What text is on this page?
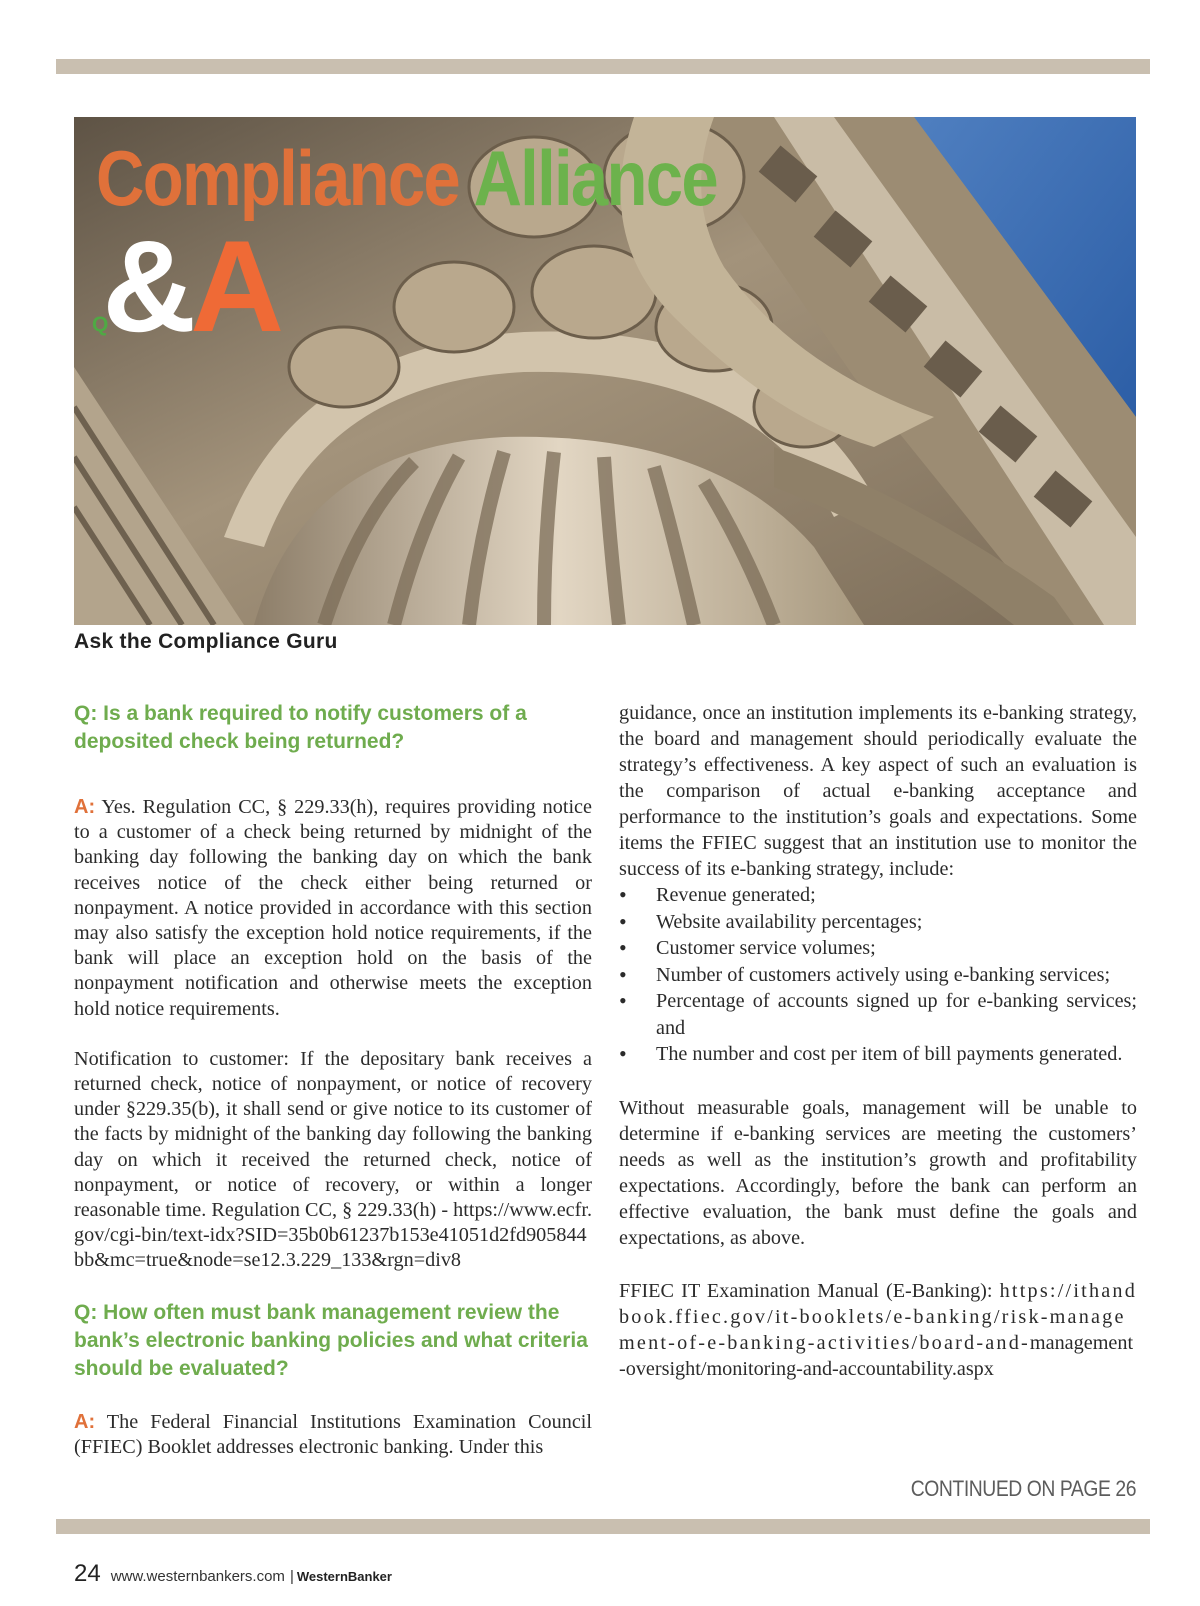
Compliance Alliance
Q&A
Ask the Compliance Guru

Q: Is a bank required to notify customers of a deposited check being returned?

A: Yes. Regulation CC, § 229.33(h), requires providing notice to a customer of a check being returned by midnight of the banking day following the banking day on which the bank receives notice of the check either being returned or nonpayment. A notice provided in accordance with this section may also satisfy the exception hold notice requirements, if the bank will place an exception hold on the basis of the nonpayment notification and otherwise meets the exception hold notice requirements.

Notification to customer: If the depositary bank receives a returned check, notice of nonpayment, or notice of recovery under §229.35(b), it shall send or give notice to its customer of the facts by midnight of the banking day following the banking day on which it received the returned check, notice of nonpayment, or notice of recovery, or within a longer reasonable time. Regulation CC, § 229.33(h) - https://www.ecfr.gov/cgi-bin/text-idx?SID=35b0b61237b153e41051d2fd905844bb&mc=true&node=se12.3.229_133&rgn=div8

Q: How often must bank management review the bank’s electronic banking policies and what criteria should be evaluated?

A: The Federal Financial Institutions Examination Council (FFIEC) Booklet addresses electronic banking. Under this

guidance, once an institution implements its e-banking strategy, the board and management should periodically evaluate the strategy’s effectiveness. A key aspect of such an evaluation is the comparison of actual e-banking acceptance and performance to the institution’s goals and expectations. Some items the FFIEC suggest that an institution use to monitor the success of its e-banking strategy, include:

• Revenue generated;
• Website availability percentages;
• Customer service volumes;
• Number of customers actively using e-banking services;
• Percentage of accounts signed up for e-banking services; and
• The number and cost per item of bill payments generated.

Without measurable goals, management will be unable to determine if e-banking services are meeting the customers’ needs as well as the institution’s growth and profitability expectations. Accordingly, before the bank can perform an effective evaluation, the bank must define the goals and expectations, as above.

FFIEC IT Examination Manual (E-Banking): https://ithandbook.ffiec.gov/it-booklets/e-banking/risk-management-of-e-banking-activities/board-and-management-oversight/monitoring-and-accountability.aspx

CONTINUED ON PAGE 26

24 www.westernbankers.com | WesternBanker
